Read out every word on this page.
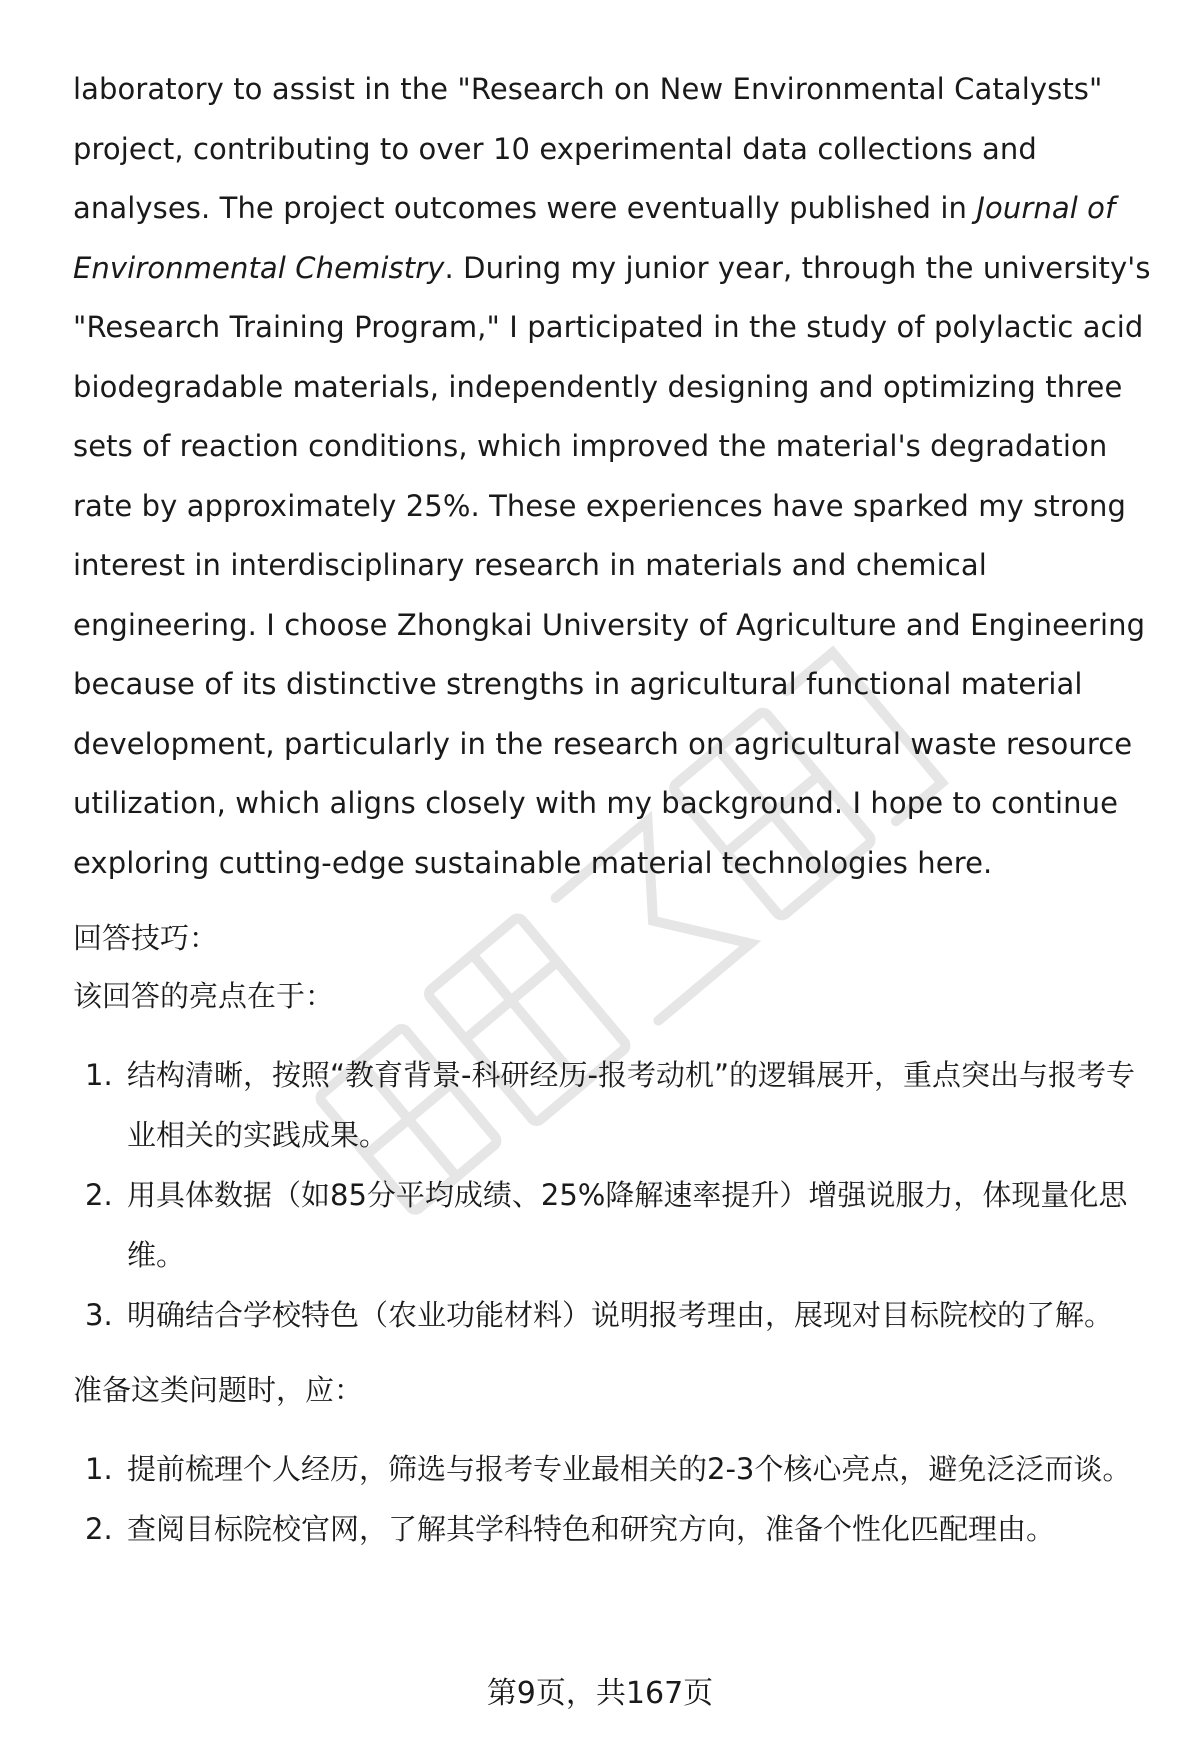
laboratory to assist in the "Research on New Environmental Catalysts" project, contributing to over 10 experimental data collections and analyses. The project outcomes were eventually published in Journal of Environmental Chemistry. During my junior year, through the university's "Research Training Program," I participated in the study of polylactic acid biodegradable materials, independently designing and optimizing three sets of reaction conditions, which improved the material's degradation rate by approximately 25%. These experiences have sparked my strong interest in interdisciplinary research in materials and chemical engineering. I choose Zhongkai University of Agriculture and Engineering because of its distinctive strengths in agricultural functional material development, particularly in the research on agricultural waste resource utilization, which aligns closely with my background. I hope to continue exploring cutting-edge sustainable material technologies here.

回答技巧：

该回答的亮点在于：

1. 结构清晰，按照“教育背景-科研经历-报考动机”的逻辑展开，重点突出与报考专业相关的实践成果。
2. 用具体数据（如85分平均成绩、25%降解速率提升）增强说服力，体现量化思维。
3. 明确结合学校特色（农业功能材料）说明报考理由，展现对目标院校的了解。

准备这类问题时，应：

1. 提前梳理个人经历，筛选与报考专业最相关的2-3个核心亮点，避免泛泛而谈。
2. 查阅目标院校官网，了解其学科特色和研究方向，准备个性化匹配理由。
第9页，共167页
